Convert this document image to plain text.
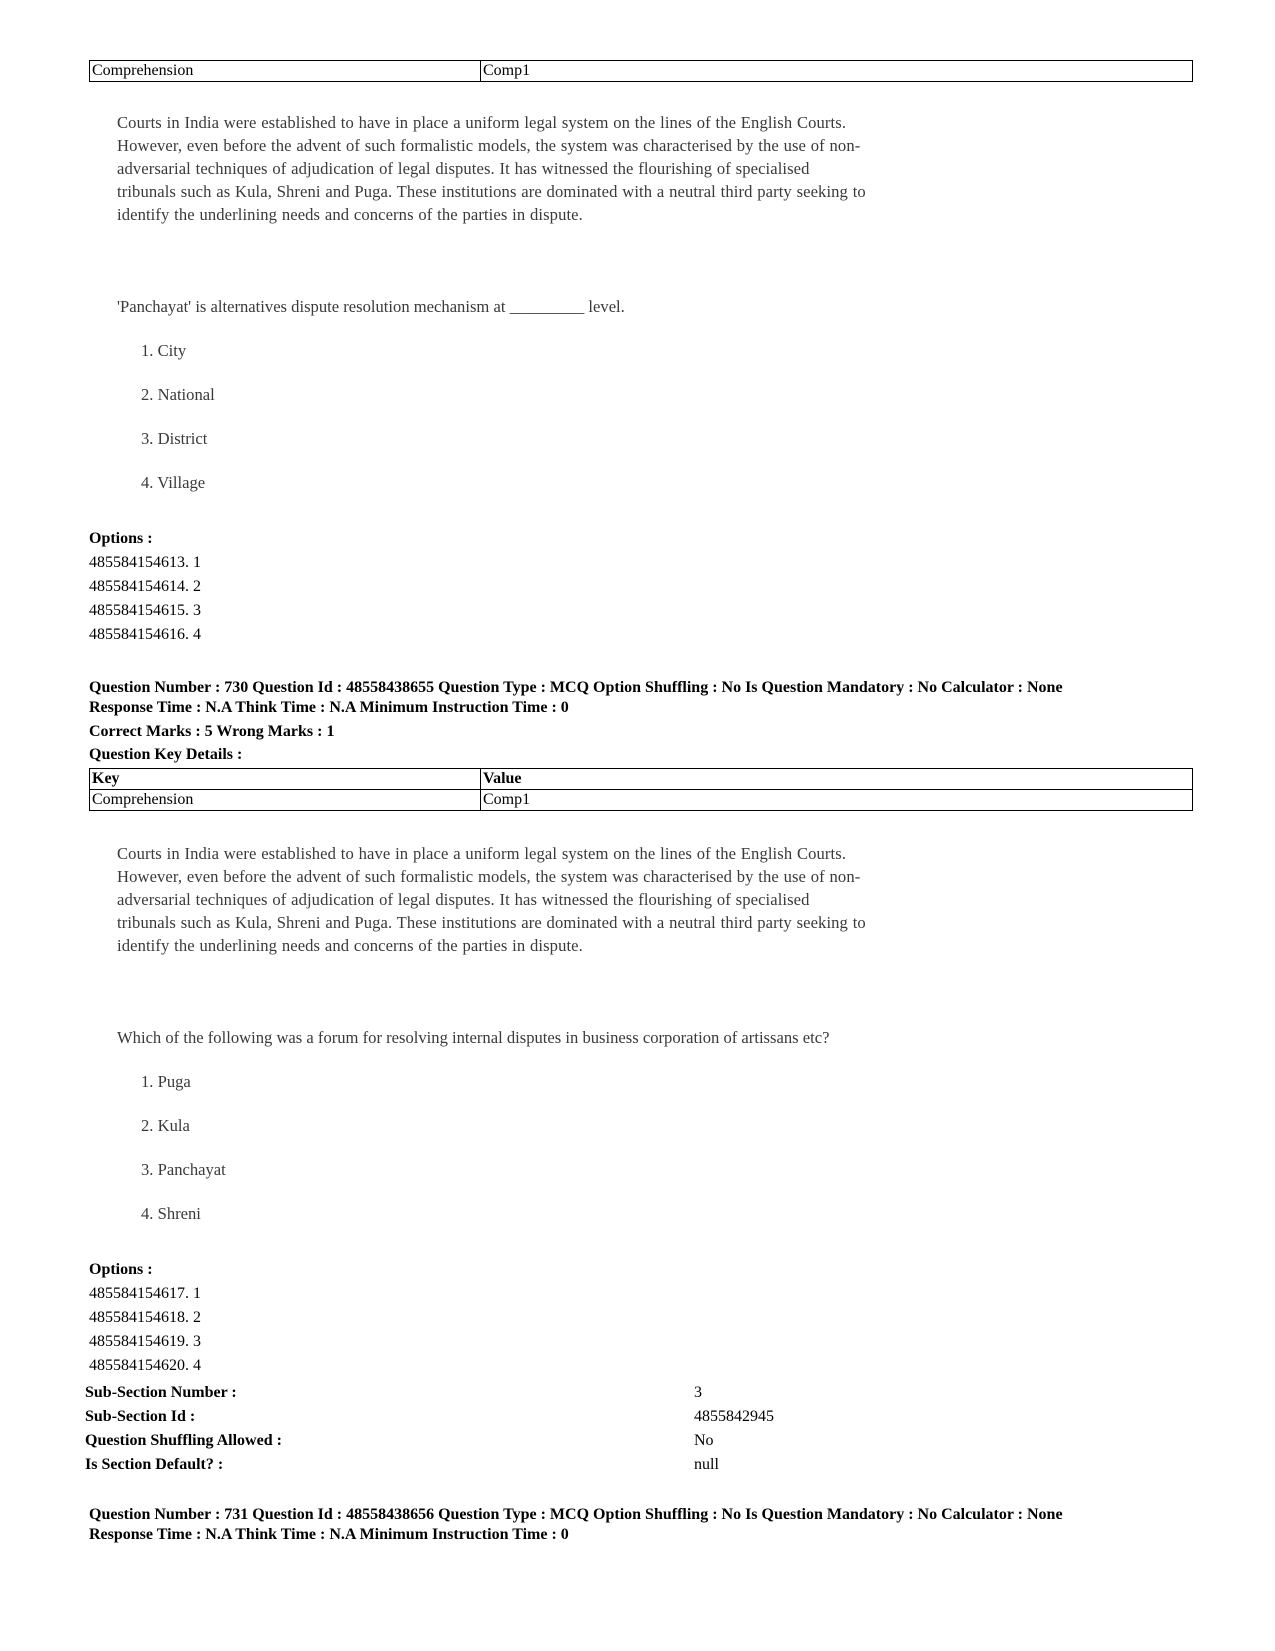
Comprehension	Comp1
Courts in India were established to have in place a uniform legal system on the lines of the English Courts.
However, even before the advent of such formalistic models, the system was characterised by the use of non-
adversarial techniques of adjudication of legal disputes. It has witnessed the flourishing of specialised
tribunals such as Kula, Shreni and Puga. These institutions are dominated with a neutral third party seeking to
identify the underlining needs and concerns of the parties in dispute.
'Panchayat' is alternatives dispute resolution mechanism at _________ level.
1. City
2. National
3. District
4. Village
Options :
485584154613. 1
485584154614. 2
485584154615. 3
485584154616. 4
Question Number : 730 Question Id : 48558438655 Question Type : MCQ Option Shuffling : No Is Question Mandatory : No Calculator : None
Response Time : N.A Think Time : N.A Minimum Instruction Time : 0
Correct Marks : 5 Wrong Marks : 1
Question Key Details :
Key	Value
Comprehension	Comp1
Courts in India were established to have in place a uniform legal system on the lines of the English Courts.
However, even before the advent of such formalistic models, the system was characterised by the use of non-
adversarial techniques of adjudication of legal disputes. It has witnessed the flourishing of specialised
tribunals such as Kula, Shreni and Puga. These institutions are dominated with a neutral third party seeking to
identify the underlining needs and concerns of the parties in dispute.
Which of the following was a forum for resolving internal disputes in business corporation of artissans etc?
1. Puga
2. Kula
3. Panchayat
4. Shreni
Options :
485584154617. 1
485584154618. 2
485584154619. 3
485584154620. 4
Sub-Section Number :	3
Sub-Section Id :	4855842945
Question Shuffling Allowed :	No
Is Section Default? :	null
Question Number : 731 Question Id : 48558438656 Question Type : MCQ Option Shuffling : No Is Question Mandatory : No Calculator : None
Response Time : N.A Think Time : N.A Minimum Instruction Time : 0
